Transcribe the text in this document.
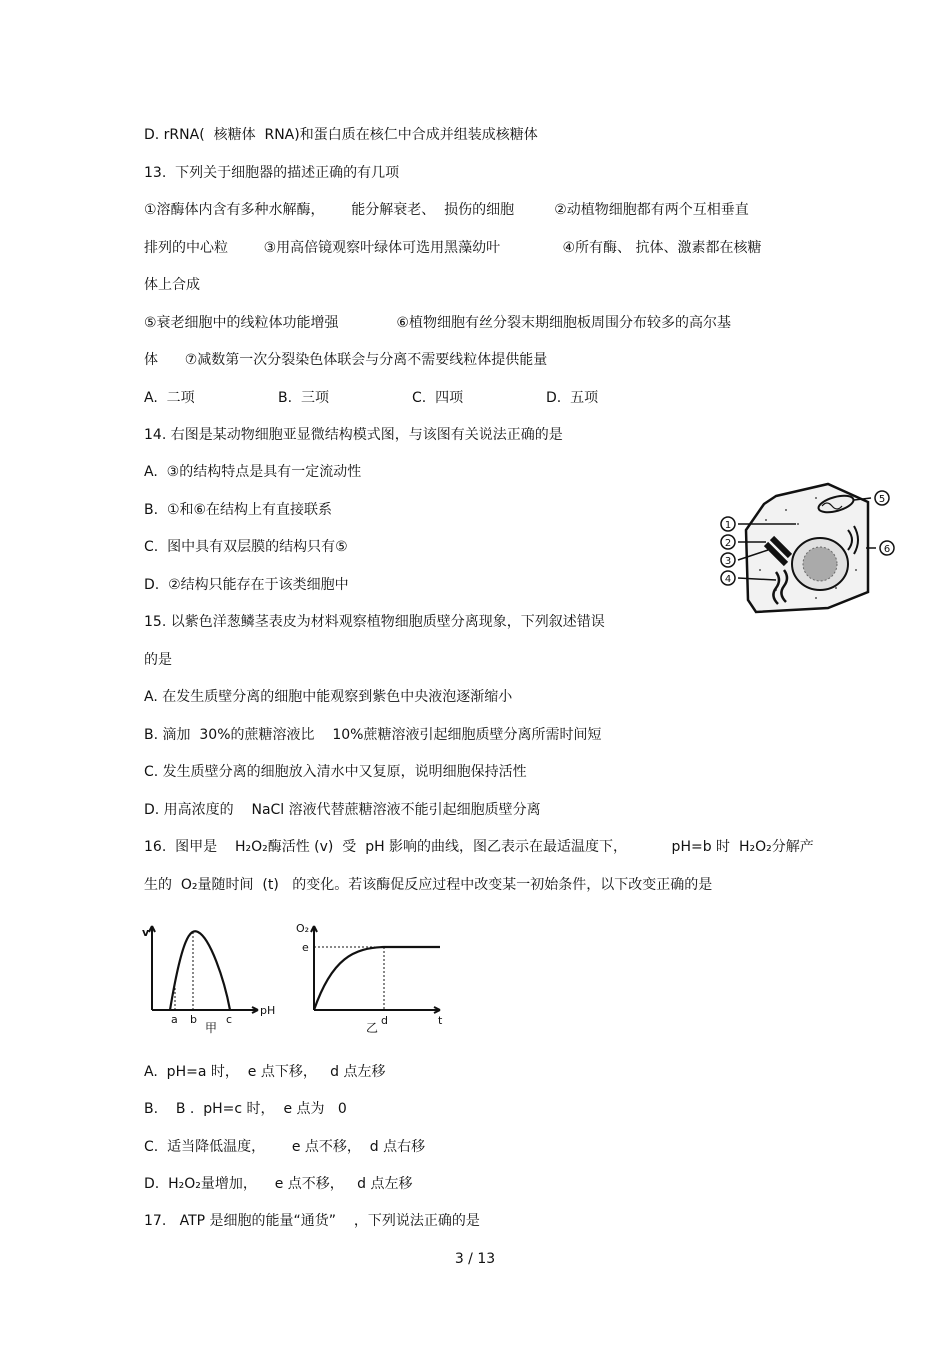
D. rRNA(  核糖体  RNA)和蛋白质在核仁中合成并组装成核糖体
13.  下列关于细胞器的描述正确的有几项
①溶酶体内含有多种水解酶，      能分解衰老、  损伤的细胞         ②动植物细胞都有两个互相垂直
排列的中心粒        ③用高倍镜观察叶绿体可选用黑藻幼叶              ④所有酶、 抗体、激素都在核糖
体上合成
⑤衰老细胞中的线粒体功能增强             ⑥植物细胞有丝分裂末期细胞板周围分布较多的高尔基
体      ⑦减数第一次分裂染色体联会与分离不需要线粒体提供能量
A.  二项	B.  三项	C.  四项	D.  五项
14. 右图是某动物细胞亚显微结构模式图，与该图有关说法正确的是
A.  ③的结构特点是具有一定流动性
B.  ①和⑥在结构上有直接联系
C.  图中具有双层膜的结构只有⑤
D.  ②结构只能存在于该类细胞中
1
2
3
4
5
6
15. 以紫色洋葱鳞茎表皮为材料观察植物细胞质壁分离现象，下列叙述错误
的是
A. 在发生质壁分离的细胞中能观察到紫色中央液泡逐渐缩小
B. 滴加  30%的蔗糖溶液比    10%蔗糖溶液引起细胞质壁分离所需时间短
C. 发生质壁分离的细胞放入清水中又复原，说明细胞保持活性
D. 用高浓度的    NaCl 溶液代替蔗糖溶液不能引起细胞质壁分离
16.  图甲是    H₂O₂酶活性 (v)  受  pH 影响的曲线，图乙表示在最适温度下，          pH=b 时  H₂O₂分解产
生的  O₂量随时间  (t)   的变化。若该酶促反应过程中改变某一初始条件，以下改变正确的是
v
pH
a b	c
甲
O₂
e
d	t
乙
A.  pH=a 时，  e 点下移，   d 点左移
B.    B .  pH=c 时，  e 点为   0
C.  适当降低温度，      e 点不移，  d 点右移
D.  H₂O₂量增加，    e 点不移，   d 点左移
17.   ATP 是细胞的能量“通货”    ，下列说法正确的是
3 / 13
